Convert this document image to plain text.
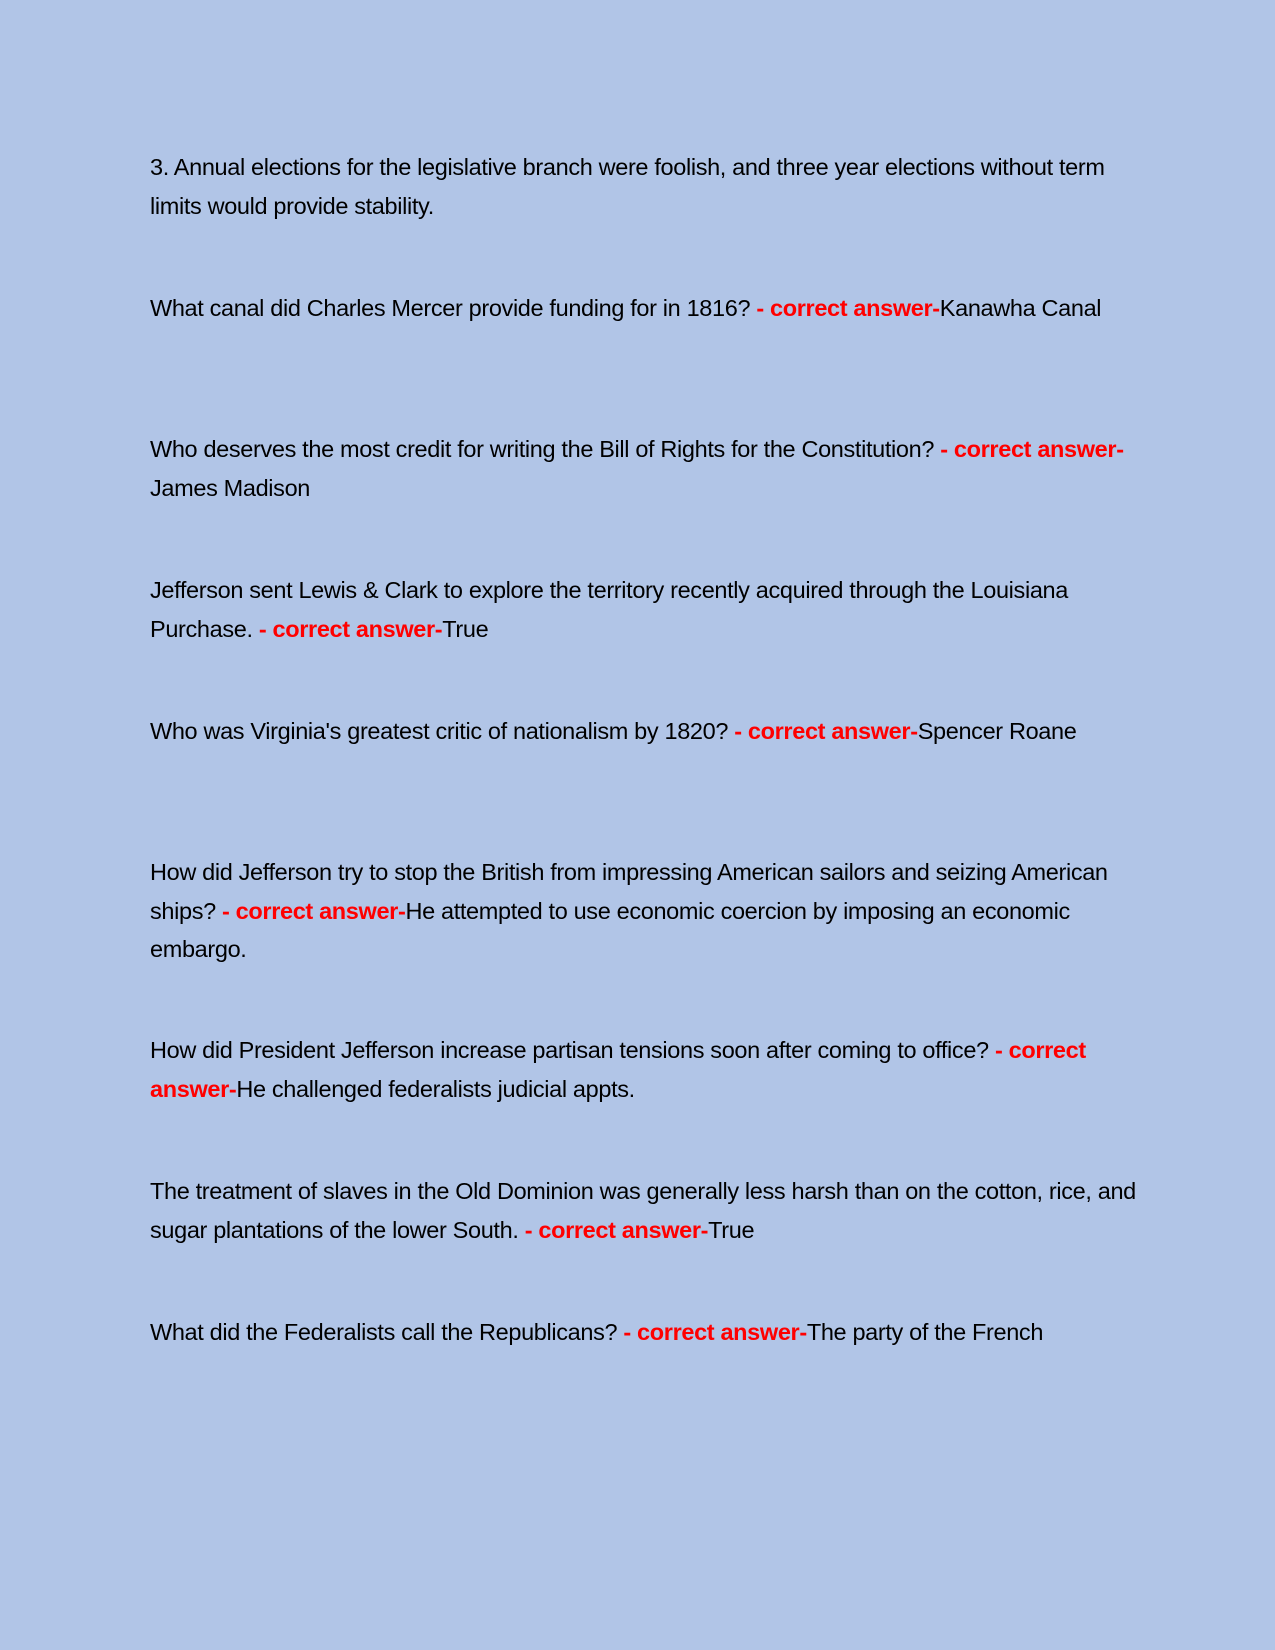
3. Annual elections for the legislative branch were foolish, and three year elections without term limits would provide stability.

What canal did Charles Mercer provide funding for in 1816? - correct answer-Kanawha Canal

Who deserves the most credit for writing the Bill of Rights for the Constitution? - correct answer-James Madison

Jefferson sent Lewis & Clark to explore the territory recently acquired through the Louisiana Purchase. - correct answer-True

Who was Virginia's greatest critic of nationalism by 1820? - correct answer-Spencer Roane

How did Jefferson try to stop the British from impressing American sailors and seizing American ships? - correct answer-He attempted to use economic coercion by imposing an economic embargo.

How did President Jefferson increase partisan tensions soon after coming to office? - correct answer-He challenged federalists judicial appts.

The treatment of slaves in the Old Dominion was generally less harsh than on the cotton, rice, and sugar plantations of the lower South. - correct answer-True

What did the Federalists call the Republicans? - correct answer-The party of the French
